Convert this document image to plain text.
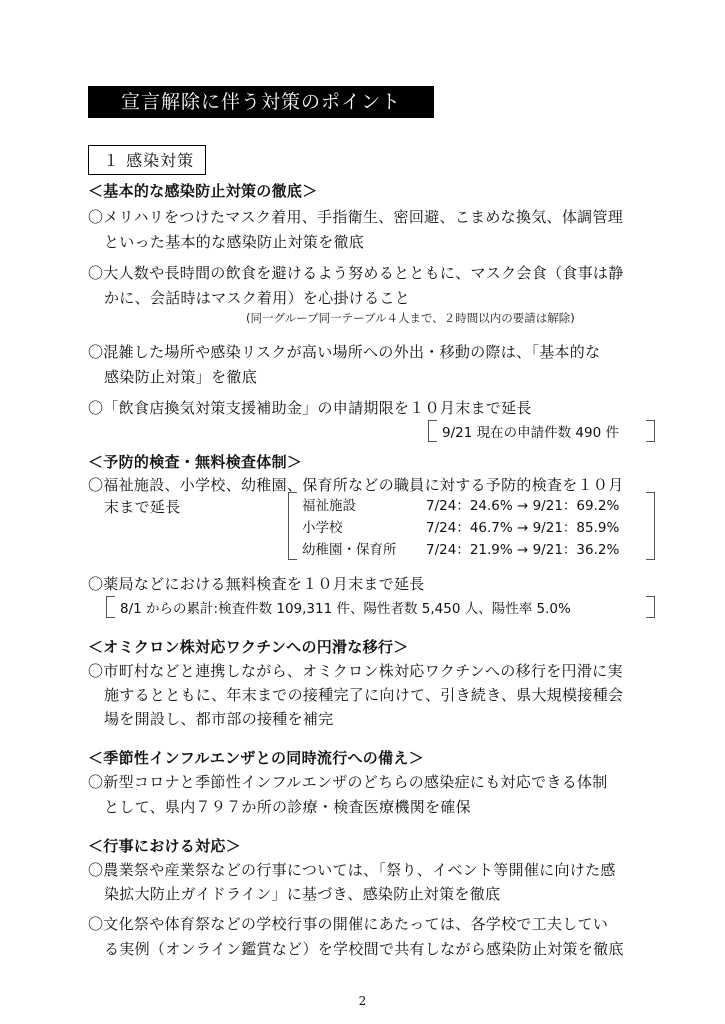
宣言解除に伴う対策のポイント
１ 感染対策
＜基本的な感染防止対策の徹底＞
〇メリハリをつけたマスク着用、手指衛生、密回避、こまめな換気、体調管理
といった基本的な感染防止対策を徹底
〇大人数や長時間の飲食を避けるよう努めるとともに、マスク会食（食事は静
かに、会話時はマスク着用）を心掛けること
(同一グループ同一テーブル４人まで、２時間以内の要請は解除)
〇混雑した場所や感染リスクが高い場所への外出・移動の際は、「基本的な
感染防止対策」を徹底
〇「飲食店換気対策支援補助金」の申請期限を１０月末まで延長
9/21 現在の申請件数 490 件
＜予防的検査・無料検査体制＞
〇福祉施設、小学校、幼稚園、保育所などの職員に対する予防的検査を１０月
末まで延長	福祉施設	7/24：24.6% → 9/21：69.2%
小学校	7/24：46.7% → 9/21：85.9%
幼稚園・保育所 7/24：21.9% → 9/21：36.2%
〇薬局などにおける無料検査を１０月末まで延長
8/1 からの累計:検査件数 109,311 件、陽性者数 5,450 人、陽性率 5.0%
＜オミクロン株対応ワクチンへの円滑な移行＞
〇市町村などと連携しながら、オミクロン株対応ワクチンへの移行を円滑に実
施するとともに、年末までの接種完了に向けて、引き続き、県大規模接種会
場を開設し、都市部の接種を補完
＜季節性インフルエンザとの同時流行への備え＞
〇新型コロナと季節性インフルエンザのどちらの感染症にも対応できる体制
として、県内７９７か所の診療・検査医療機関を確保
＜行事における対応＞
〇農業祭や産業祭などの行事については、「祭り、イベント等開催に向けた感
染拡大防止ガイドライン」に基づき、感染防止対策を徹底
〇文化祭や体育祭などの学校行事の開催にあたっては、各学校で工夫してい
る実例（オンライン鑑賞など）を学校間で共有しながら感染防止対策を徹底
2
